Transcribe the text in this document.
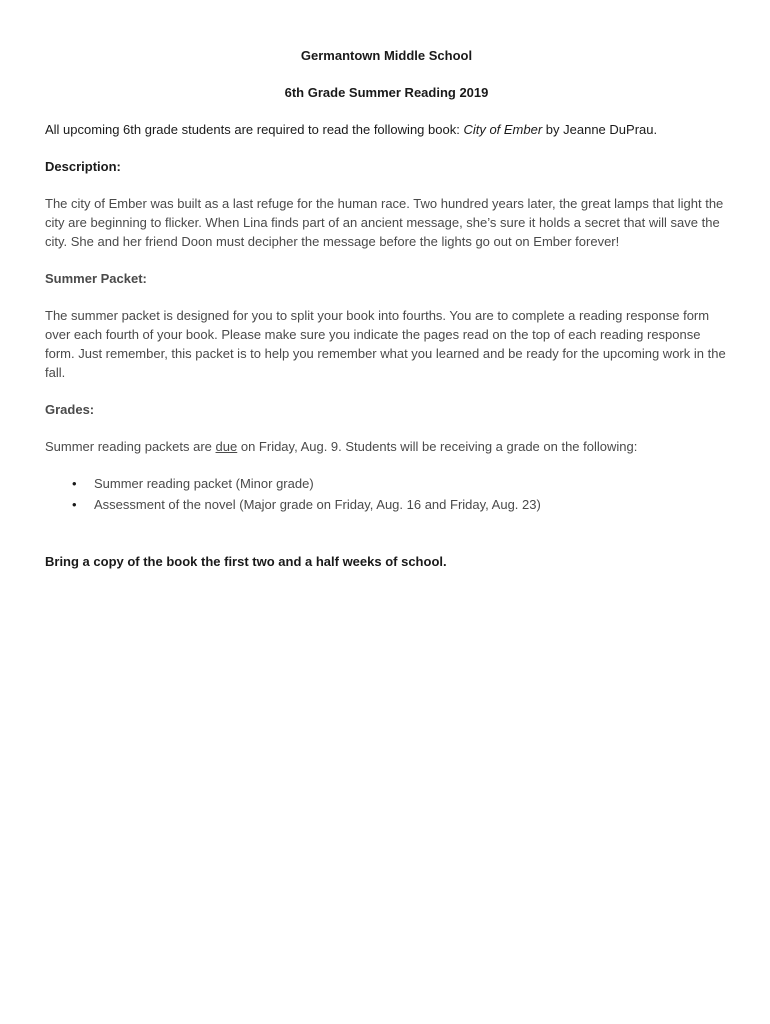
Germantown Middle School

6th Grade Summer Reading 2019

All upcoming 6th grade students are required to read the following book: City of Ember by Jeanne DuPrau.

Description:

The city of Ember was built as a last refuge for the human race. Two hundred years later, the great lamps that light the city are beginning to flicker. When Lina finds part of an ancient message, she’s sure it holds a secret that will save the city. She and her friend Doon must decipher the message before the lights go out on Ember forever!

Summer Packet:

The summer packet is designed for you to split your book into fourths. You are to complete a reading response form over each fourth of your book. Please make sure you indicate the pages read on the top of each reading response form. Just remember, this packet is to help you remember what you learned and be ready for the upcoming work in the fall.

Grades:

Summer reading packets are due on Friday, Aug. 9. Students will be receiving a grade on the following:

• Summer reading packet (Minor grade)
• Assessment of the novel (Major grade on Friday, Aug. 16 and Friday, Aug. 23)

Bring a copy of the book the first two and a half weeks of school.
